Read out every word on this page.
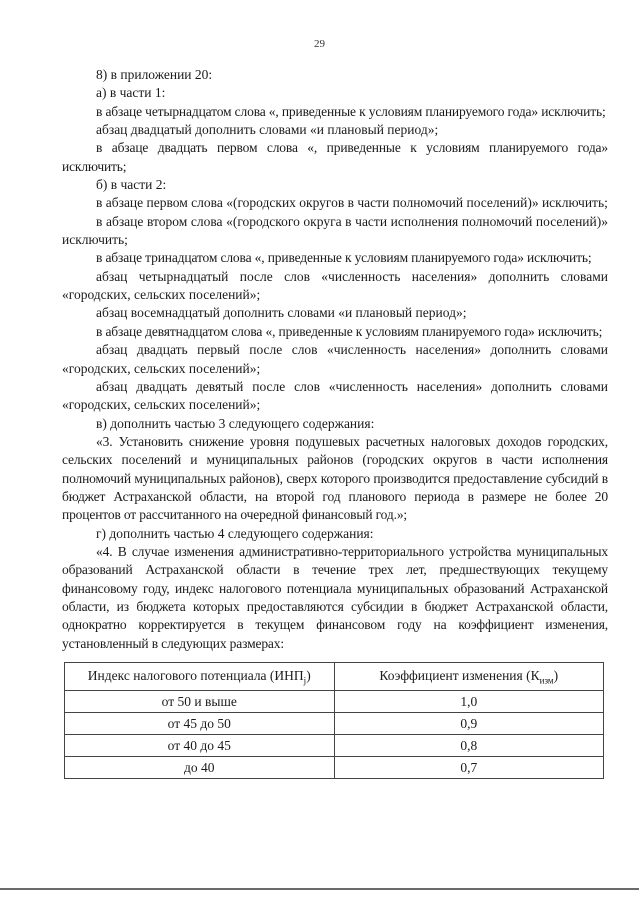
29

8) в приложении 20:

а) в части 1:

в абзаце четырнадцатом слова «, приведенные к условиям планируемого года» исключить;

абзац двадцатый дополнить словами «и плановый период»;

в абзаце двадцать первом слова «, приведенные к условиям планируемого года» исключить;

б) в части 2:

в абзаце первом слова «(городских округов в части полномочий поселений)» исключить;

в абзаце втором слова «(городского округа в части исполнения полномочий поселений)» исключить;

в абзаце тринадцатом слова «, приведенные к условиям планируемого года» исключить;

абзац четырнадцатый после слов «численность населения» дополнить словами «городских, сельских поселений»;

абзац восемнадцатый дополнить словами «и плановый период»;

в абзаце девятнадцатом слова «, приведенные к условиям планируемого года» исключить;

абзац двадцать первый после слов «численность населения» дополнить словами «городских, сельских поселений»;

абзац двадцать девятый после слов «численность населения» дополнить словами «городских, сельских поселений»;

в) дополнить частью 3 следующего содержания:

«3. Установить снижение уровня подушевых расчетных налоговых доходов городских, сельских поселений и муниципальных районов (городских округов в части исполнения полномочий муниципальных районов), сверх которого производится предоставление субсидий в бюджет Астраханской области, на второй год планового периода в размере не более 20 процентов от рассчитанного на очередной финансовый год.»;

г) дополнить частью 4 следующего содержания:

«4. В случае изменения административно-территориального устройства муниципальных образований Астраханской области в течение трех лет, предшествующих текущему финансовому году, индекс налогового потенциала муниципальных образований Астраханской области, из бюджета которых предоставляются субсидии в бюджет Астраханской области, однократно корректируется в текущем финансовом году на коэффициент изменения, установленный в следующих размерах:

Индекс налогового потенциала $(ИНП_j)$	Коэффициент изменения $(К_{изм})$
от 50 и выше	1,0
от 45 до 50	0,9
от 40 до 45	0,8
до 40	0,7
